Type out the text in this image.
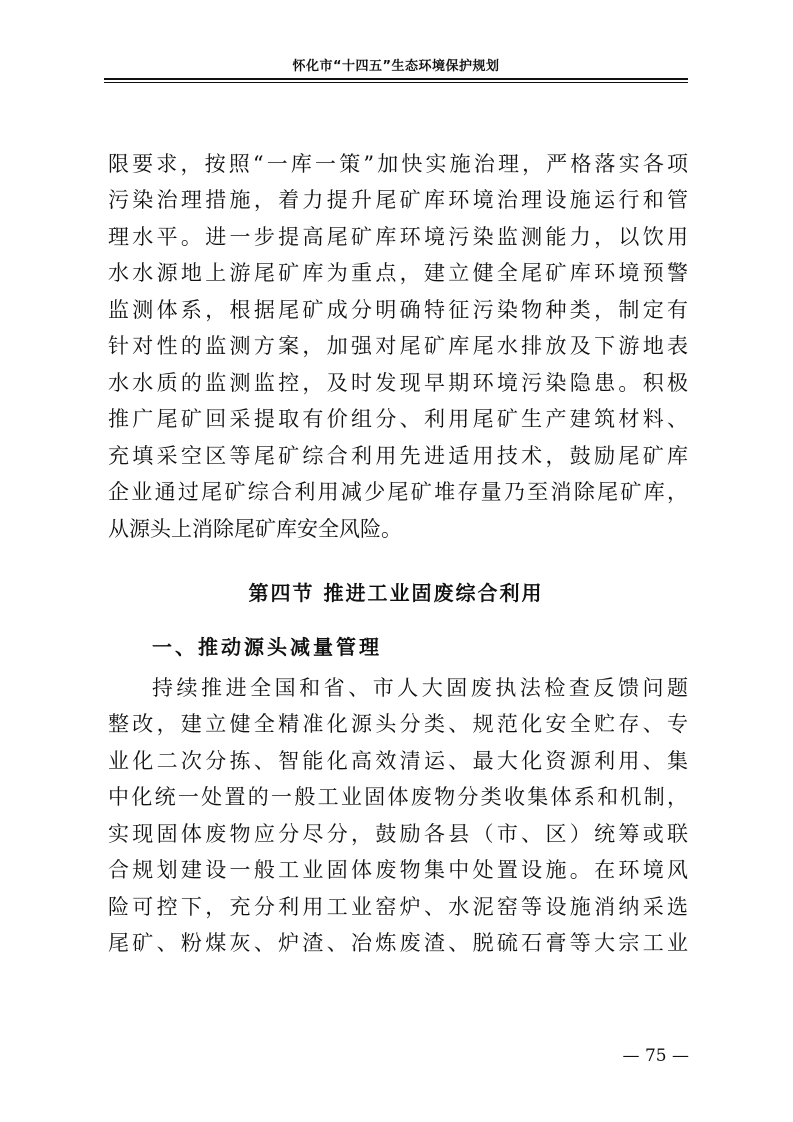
怀化市“十四五”生态环境保护规划
限要求，按照“一库一策”加快实施治理，严格落实各项
污染治理措施，着力提升尾矿库环境治理设施运行和管
理水平。进一步提高尾矿库环境污染监测能力，以饮用
水水源地上游尾矿库为重点，建立健全尾矿库环境预警
监测体系，根据尾矿成分明确特征污染物种类，制定有
针对性的监测方案，加强对尾矿库尾水排放及下游地表
水水质的监测监控，及时发现早期环境污染隐患。积极
推广尾矿回采提取有价组分、利用尾矿生产建筑材料、
充填采空区等尾矿综合利用先进适用技术，鼓励尾矿库
企业通过尾矿综合利用减少尾矿堆存量乃至消除尾矿库，
从源头上消除尾矿库安全风险。
第四节 推进工业固废综合利用
一、推动源头减量管理
持续推进全国和省、市人大固废执法检查反馈问题
整改，建立健全精准化源头分类、规范化安全贮存、专
业化二次分拣、智能化高效清运、最大化资源利用、集
中化统一处置的一般工业固体废物分类收集体系和机制，
实现固体废物应分尽分，鼓励各县（市、区）统筹或联
合规划建设一般工业固体废物集中处置设施。在环境风
险可控下，充分利用工业窑炉、水泥窑等设施消纳采选
尾矿、粉煤灰、炉渣、冶炼废渣、脱硫石膏等大宗工业
— 75 —
